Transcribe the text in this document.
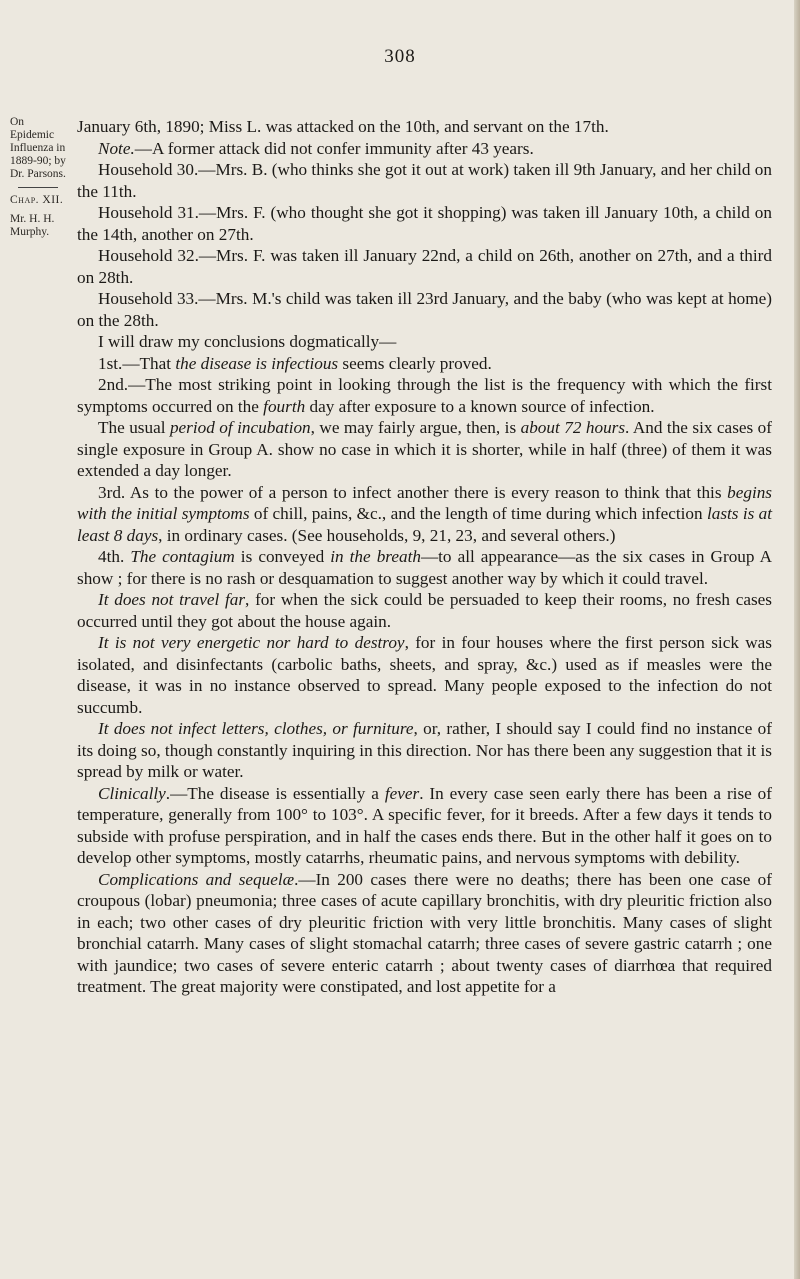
308
On Epidemic
Influenza in
1889-90; by
Dr. Parsons.
Chap. XII.
Mr. H. H.
Murphy.

January 6th, 1890; Miss L. was attacked on the 10th, and servant on the 17th.

Note.—A former attack did not confer immunity after 43 years.

Household 30.—Mrs. B. (who thinks she got it out at work) taken ill 9th January, and her child on the 11th.

Household 31.—Mrs. F. (who thought she got it shopping) was taken ill January 10th, a child on the 14th, another on 27th.

Household 32.—Mrs. F. was taken ill January 22nd, a child on 26th, another on 27th, and a third on 28th.

Household 33.—Mrs. M.'s child was taken ill 23rd January, and the baby (who was kept at home) on the 28th.

I will draw my conclusions dogmatically—

1st.—That the disease is infectious seems clearly proved.

2nd.—The most striking point in looking through the list is the frequency with which the first symptoms occurred on the fourth day after exposure to a known source of infection.

The usual period of incubation, we may fairly argue, then, is about 72 hours. And the six cases of single exposure in Group A. show no case in which it is shorter, while in half (three) of them it was extended a day longer.

3rd. As to the power of a person to infect another there is every reason to think that this begins with the initial symptoms of chill, pains, &c., and the length of time during which infection lasts is at least 8 days, in ordinary cases. (See households, 9, 21, 23, and several others.)

4th. The contagium is conveyed in the breath—to all appearance—as the six cases in Group A show ; for there is no rash or desquamation to suggest another way by which it could travel.

It does not travel far, for when the sick could be persuaded to keep their rooms, no fresh cases occurred until they got about the house again.

It is not very energetic nor hard to destroy, for in four houses where the first person sick was isolated, and disinfectants (carbolic baths, sheets, and spray, &c.) used as if measles were the disease, it was in no instance observed to spread. Many people exposed to the infection do not succumb.

It does not infect letters, clothes, or furniture, or, rather, I should say I could find no instance of its doing so, though constantly inquiring in this direction. Nor has there been any suggestion that it is spread by milk or water.

Clinically.—The disease is essentially a fever. In every case seen early there has been a rise of temperature, generally from 100° to 103°. A specific fever, for it breeds. After a few days it tends to subside with profuse perspiration, and in half the cases ends there. But in the other half it goes on to develop other symptoms, mostly catarrhs, rheumatic pains, and nervous symptoms with debility.

Complications and sequelæ.—In 200 cases there were no deaths; there has been one case of croupous (lobar) pneumonia; three cases of acute capillary bronchitis, with dry pleuritic friction also in each; two other cases of dry pleuritic friction with very little bronchitis. Many cases of slight bronchial catarrh. Many cases of slight stomachal catarrh; three cases of severe gastric catarrh ; one with jaundice; two cases of severe enteric catarrh ; about twenty cases of diarrhœa that required treatment. The great majority were constipated, and lost appetite for a
